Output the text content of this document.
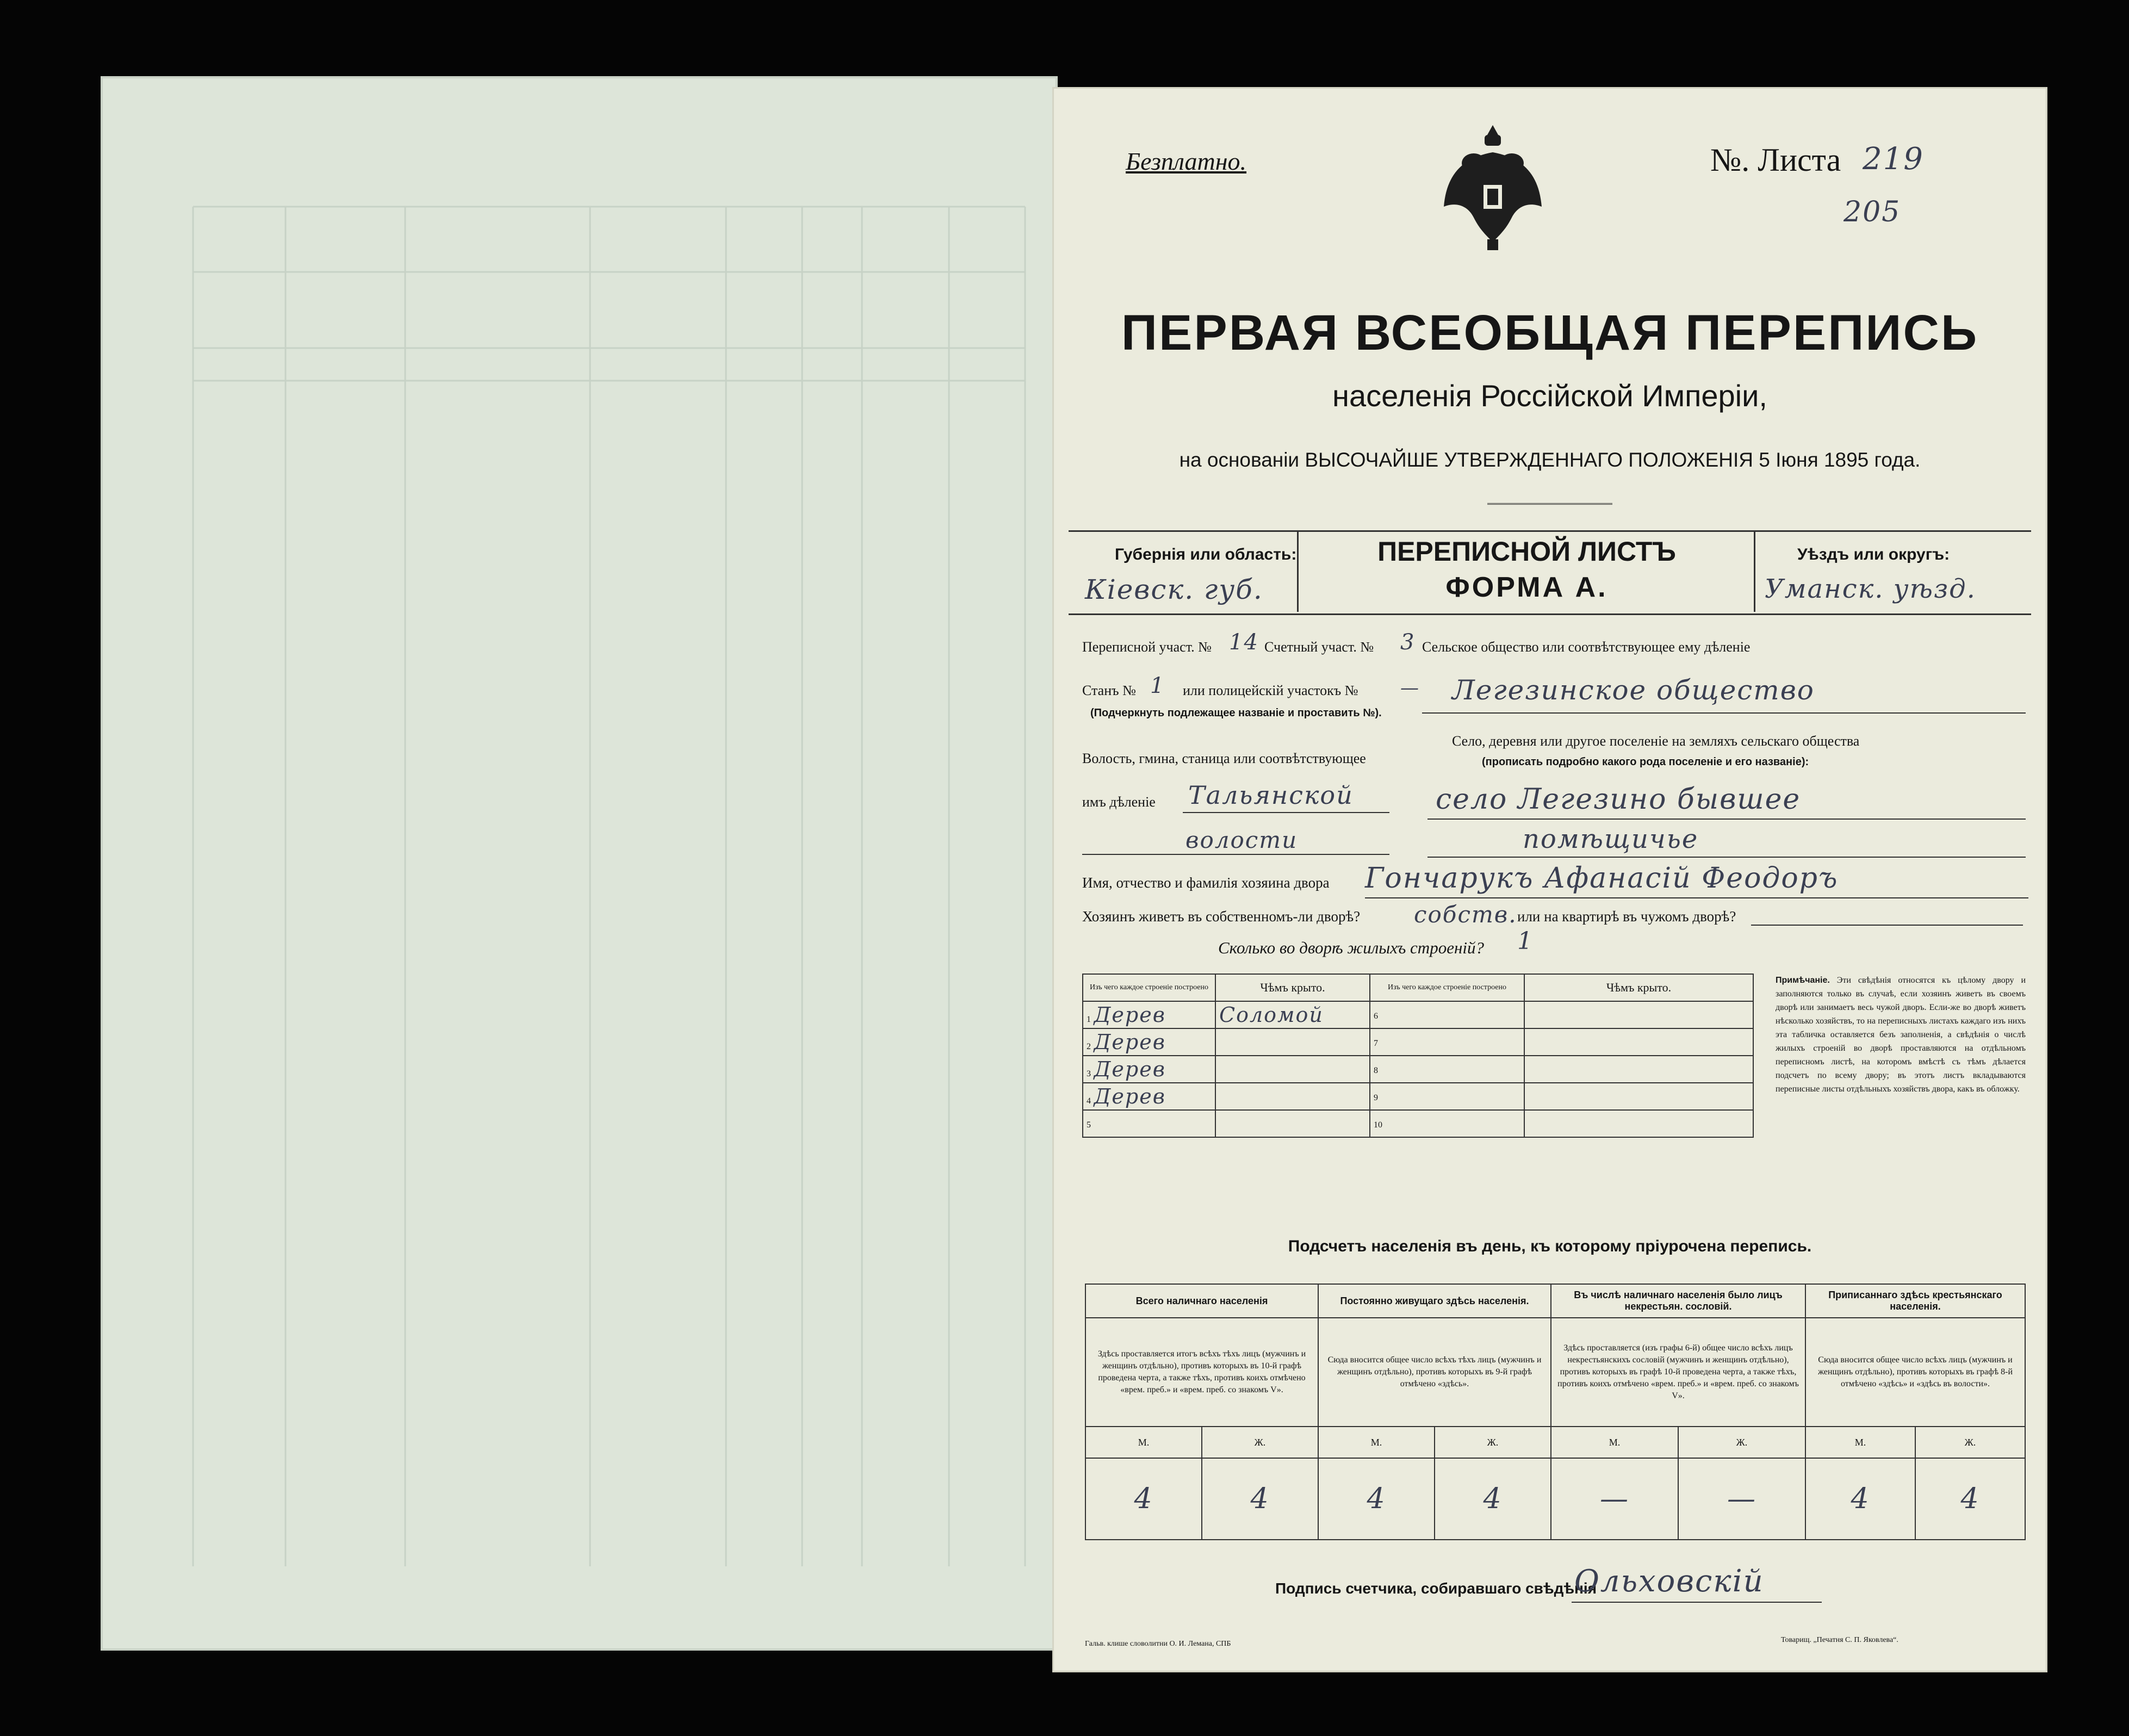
Безплатно.	№. Листа 219
205
ПЕРВАЯ ВСЕОБЩАЯ ПЕРЕПИСЬ
населенія Россійской Имперіи,
на основаніи ВЫСОЧАЙШЕ УТВЕРЖДЕННАГО ПОЛОЖЕНІЯ 5 Іюня 1895 года.
Губернія или область:
Кіевск. губ.
ПЕРЕПИСНОЙ ЛИСТЪ
ФОРМА А.
Уѣздъ или округъ:
Уманск. уѣзд.
Переписной участ. № 14 Счетный участ. № 3
Станъ № 1 или полицейскій участокъ № —
(Подчеркнуть подлежащее названіе и проставить №).
Волость, гмина, станица или соотвѣтствующее
имъ дѣленіе Тальянской
волости
Сельское общество или соотвѣтствующее ему дѣленіе
Легезинское общество
Село, деревня или другое поселеніе на земляхъ сельскаго общества
(прописать подробно какого рода поселеніе и его названіе):
село Легезино бывшее
помѣщичье
Имя, отчество и фамилія хозяина двора Гончарукъ Афанасій Феодоръ
Хозяинъ живетъ въ собственномъ-ли дворѣ? собств. или на квартирѣ въ чужомъ дворѣ?
Сколько во дворѣ жилыхъ строеній? 1
Изъ чего каждое строеніе построено	Чѣмъ крыто.	Изъ чего каждое строеніе построено	Чѣмъ крыто.
1 Дерев	Соломой	6	
2 Дерев		7	
3 Дерев		8	
4 Дерев		9	
5		10	
Примѣчаніе. Эти свѣдѣнія относятся къ цѣлому двору и заполняются только въ случаѣ, если хозяинъ живетъ въ своемъ дворѣ или занимаетъ весь чужой дворъ. Если-же во дворѣ живетъ нѣсколько хозяйствъ, то на переписныхъ листахъ каждаго изъ нихъ эта табличка оставляется безъ заполненія, а свѣдѣнія о числѣ жилыхъ строеній во дворѣ проставляются на отдѣльномъ переписномъ листѣ, на которомъ вмѣстѣ съ тѣмъ дѣлается подсчетъ по всему двору; въ этотъ листъ вкладываются переписные листы отдѣльныхъ хозяйствъ двора, какъ въ обложку.
Подсчетъ населенія въ день, къ которому пріурочена перепись.
Всего наличнаго населенія		Постоянно живущаго здѣсь населенія.		Въ числѣ наличнаго населенія было лицъ некрестьян. сословій.		Приписаннаго здѣсь крестьянскаго населенія.	
Здѣсь проставляется итогъ всѣхъ тѣхъ лицъ (мужчинъ и женщинъ отдѣльно), противъ которыхъ въ 10-й графѣ проведена черта, а также тѣхъ, противъ коихъ отмѣчено «врем. преб.» и «врем. преб. со знакомъ V».		Сюда вносится общее число всѣхъ тѣхъ лицъ (мужчинъ и женщинъ отдѣльно), противъ которыхъ въ 9-й графѣ отмѣчено «здѣсь».		Здѣсь проставляется (изъ графы 6-й) общее число всѣхъ лицъ некрестьянскихъ сословій (мужчинъ и женщинъ отдѣльно), противъ которыхъ въ графѣ 10-й проведена черта, а также тѣхъ, противъ коихъ отмѣчено «врем. преб.» и «врем. преб. со знакомъ V».		Сюда вносится общее число всѣхъ лицъ (мужчинъ и женщинъ отдѣльно), противъ которыхъ въ графѣ 8-й отмѣчено «здѣсь» и «здѣсь въ волости».	
М.	Ж.	М.	Ж.	М.	Ж.	М.	Ж.
4	4	4	4	—	—	4	4
Подпись счетчика, собиравшаго свѣдѣнія
Ольховскій
Гальв. клише словолитни О. И. Лемана, СПБ	Товарищ. „Печатня С. П. Яковлева“.
